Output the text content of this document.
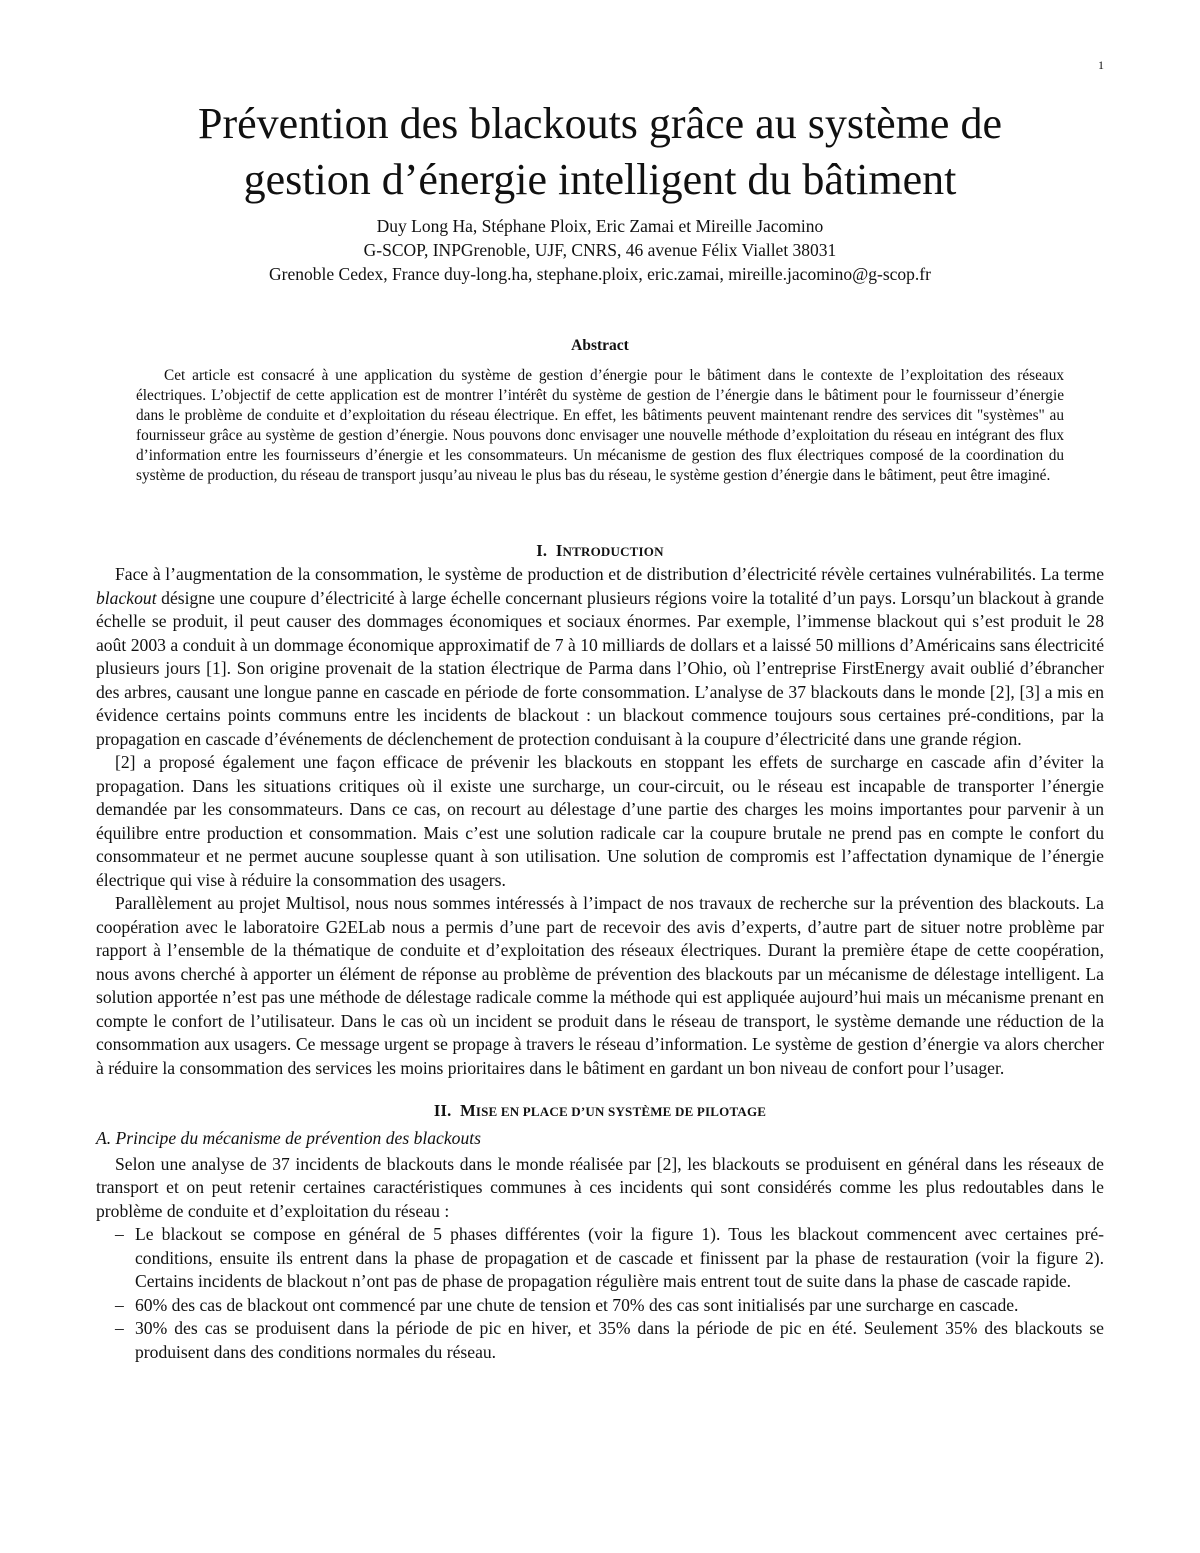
1
Prévention des blackouts grâce au système de
gestion d’énergie intelligent du bâtiment
Duy Long Ha, Stéphane Ploix, Eric Zamai et Mireille Jacomino
G-SCOP, INPGrenoble, UJF, CNRS, 46 avenue Félix Viallet 38031
Grenoble Cedex, France duy-long.ha, stephane.ploix, eric.zamai, mireille.jacomino@g-scop.fr
Abstract

Cet article est consacré à une application du système de gestion d’énergie pour le bâtiment dans le contexte de l’exploitation des réseaux électriques. L’objectif de cette application est de montrer l’intérêt du système de gestion de l’énergie dans le bâtiment pour le fournisseur d’énergie dans le problème de conduite et d’exploitation du réseau électrique. En effet, les bâtiments peuvent maintenant rendre des services dit "systèmes" au fournisseur grâce au système de gestion d’énergie. Nous pouvons donc envisager une nouvelle méthode d’exploitation du réseau en intégrant des flux d’information entre les fournisseurs d’énergie et les consommateurs. Un mécanisme de gestion des flux électriques composé de la coordination du système de production, du réseau de transport jusqu’au niveau le plus bas du réseau, le système gestion d’énergie dans le bâtiment, peut être imaginé.

I. INTRODUCTION

Face à l’augmentation de la consommation, le système de production et de distribution d’électricité révèle certaines vulnérabilités. La terme blackout désigne une coupure d’électricité à large échelle concernant plusieurs régions voire la totalité d’un pays. Lorsqu’un blackout à grande échelle se produit, il peut causer des dommages économiques et sociaux énormes. Par exemple, l’immense blackout qui s’est produit le 28 août 2003 a conduit à un dommage économique approximatif de 7 à 10 milliards de dollars et a laissé 50 millions d’Américains sans électricité plusieurs jours [1]. Son origine provenait de la station électrique de Parma dans l’Ohio, où l’entreprise FirstEnergy avait oublié d’ébrancher des arbres, causant une longue panne en cascade en période de forte consommation. L’analyse de 37 blackouts dans le monde [2], [3] a mis en évidence certains points communs entre les incidents de blackout : un blackout commence toujours sous certaines pré-conditions, par la propagation en cascade d’événements de déclenchement de protection conduisant à la coupure d’électricité dans une grande région.

[2] a proposé également une façon efficace de prévenir les blackouts en stoppant les effets de surcharge en cascade afin d’éviter la propagation. Dans les situations critiques où il existe une surcharge, un cour-circuit, ou le réseau est incapable de transporter l’énergie demandée par les consommateurs. Dans ce cas, on recourt au délestage d’une partie des charges les moins importantes pour parvenir à un équilibre entre production et consommation. Mais c’est une solution radicale car la coupure brutale ne prend pas en compte le confort du consommateur et ne permet aucune souplesse quant à son utilisation. Une solution de compromis est l’affectation dynamique de l’énergie électrique qui vise à réduire la consommation des usagers.

Parallèlement au projet Multisol, nous nous sommes intéressés à l’impact de nos travaux de recherche sur la prévention des blackouts. La coopération avec le laboratoire G2ELab nous a permis d’une part de recevoir des avis d’experts, d’autre part de situer notre problème par rapport à l’ensemble de la thématique de conduite et d’exploitation des réseaux électriques. Durant la première étape de cette coopération, nous avons cherché à apporter un élément de réponse au problème de prévention des blackouts par un mécanisme de délestage intelligent. La solution apportée n’est pas une méthode de délestage radicale comme la méthode qui est appliquée aujourd’hui mais un mécanisme prenant en compte le confort de l’utilisateur. Dans le cas où un incident se produit dans le réseau de transport, le système demande une réduction de la consommation aux usagers. Ce message urgent se propage à travers le réseau d’information. Le système de gestion d’énergie va alors chercher à réduire la consommation des services les moins prioritaires dans le bâtiment en gardant un bon niveau de confort pour l’usager.

II. MISE EN PLACE D’UN SYSTÈME DE PILOTAGE
A. Principe du mécanisme de prévention des blackouts

Selon une analyse de 37 incidents de blackouts dans le monde réalisée par [2], les blackouts se produisent en général dans les réseaux de transport et on peut retenir certaines caractéristiques communes à ces incidents qui sont considérés comme les plus redoutables dans le problème de conduite et d’exploitation du réseau :

– Le blackout se compose en général de 5 phases différentes (voir la figure 1). Tous les blackout commencent avec certaines pré-conditions, ensuite ils entrent dans la phase de propagation et de cascade et finissent par la phase de restauration (voir la figure 2). Certains incidents de blackout n’ont pas de phase de propagation régulière mais entrent tout de suite dans la phase de cascade rapide.
– 60% des cas de blackout ont commencé par une chute de tension et 70% des cas sont initialisés par une surcharge en cascade.
– 30% des cas se produisent dans la période de pic en hiver, et 35% dans la période de pic en été. Seulement 35% des blackouts se produisent dans des conditions normales du réseau.
